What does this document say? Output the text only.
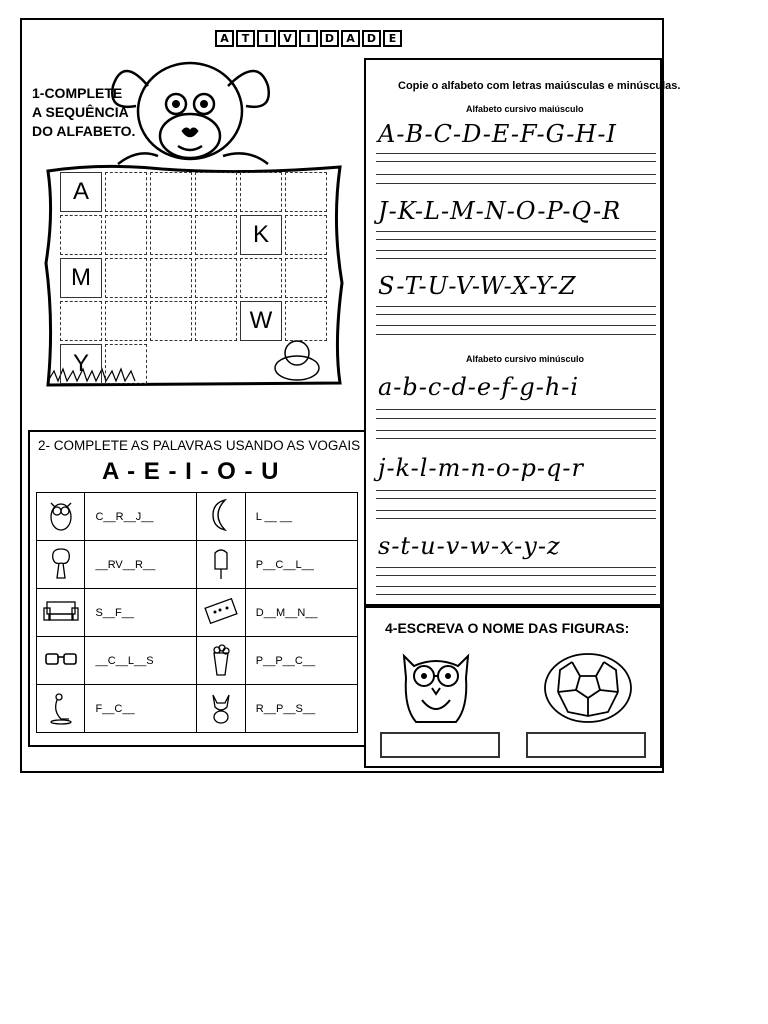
A	T	I	V	I	D	A	D	E
1-COMPLETE
A SEQUÊNCIA
DO ALFABETO.
A
K
M
W
Y
2- COMPLETE AS PALAVRAS USANDO AS VOGAIS
A - E - I - O - U
	C__R__J__		L __ __
	__RV__R__		P__C__L__
	S__F__		D__M__N__
	__C__L__S		P__P__C__
	F__C__		R__P__S__
Copie o alfabeto com letras maiúsculas e minúsculas.
Alfabeto cursivo maiúsculo
A-B-C-D-E-F-G-H-I
J-K-L-M-N-O-P-Q-R
S-T-U-V-W-X-Y-Z
Alfabeto cursivo minúsculo
a-b-c-d-e-f-g-h-i
j-k-l-m-n-o-p-q-r
s-t-u-v-w-x-y-z
4-ESCREVA O NOME DAS FIGURAS:
